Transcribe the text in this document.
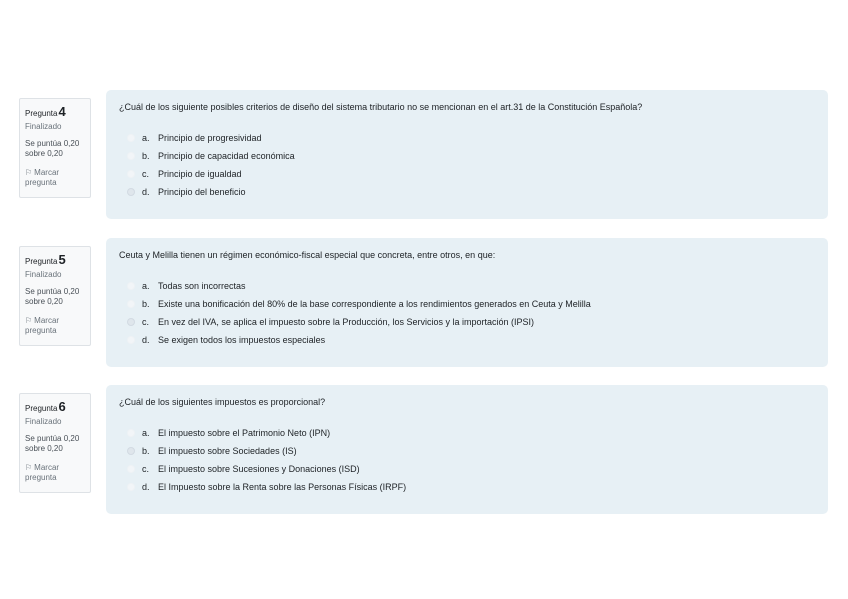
Pregunta4
Finalizado
Se puntúa 0,20 sobre 0,20
⚐ Marcar pregunta
¿Cuál de los siguiente posibles criterios de diseño del sistema tributario no se mencionan en el art.31 de la Constitución Española?
a. Principio de progresividad
b. Principio de capacidad económica
c. Principio de igualdad
d. Principio del beneficio
Pregunta5
Finalizado
Se puntúa 0,20 sobre 0,20
⚐ Marcar pregunta
Ceuta y Melilla tienen un régimen económico-fiscal especial que concreta, entre otros, en que:
a. Todas son incorrectas
b. Existe una bonificación del 80% de la base correspondiente a los rendimientos generados en Ceuta y Melilla
c. En vez del IVA, se aplica el impuesto sobre la Producción, los Servicios y la importación (IPSI)
d. Se exigen todos los impuestos especiales
Pregunta6
Finalizado
Se puntúa 0,20 sobre 0,20
⚐ Marcar pregunta
¿Cuál de los siguientes impuestos es proporcional?
a. El impuesto sobre el Patrimonio Neto (IPN)
b. El impuesto sobre Sociedades (IS)
c. El impuesto sobre Sucesiones y Donaciones (ISD)
d. El Impuesto sobre la Renta sobre las Personas Físicas (IRPF)
